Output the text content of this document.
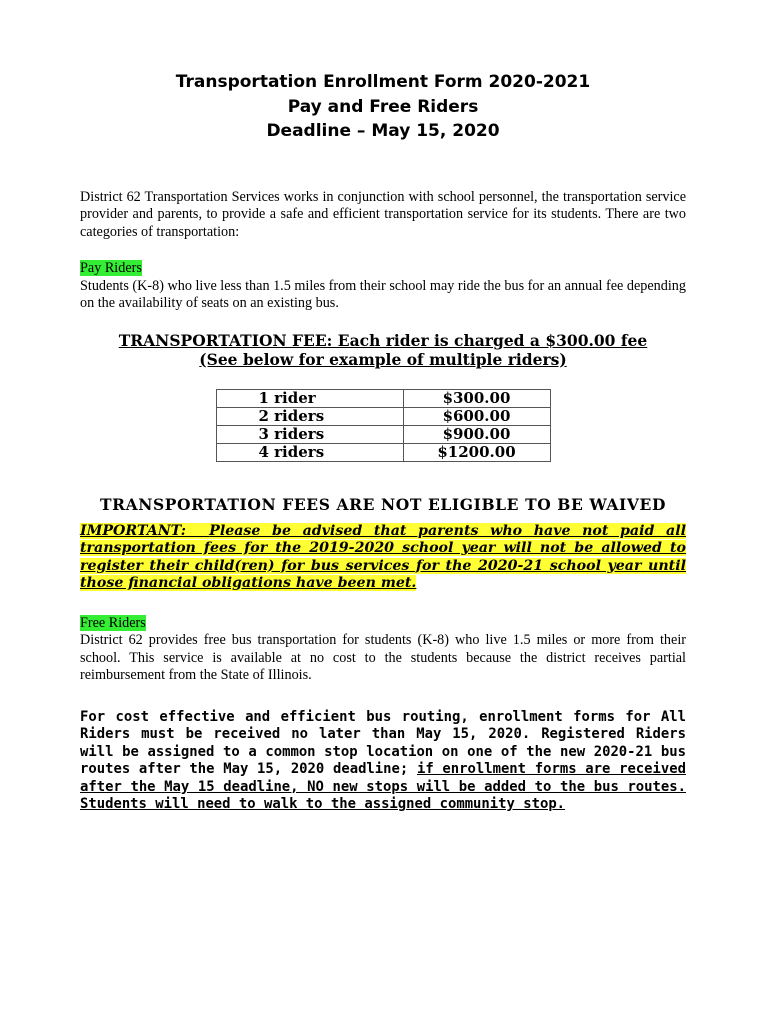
Transportation Enrollment Form 2020-2021
Pay and Free Riders
Deadline – May 15, 2020
District 62 Transportation Services works in conjunction with school personnel, the transportation service provider and parents, to provide a safe and efficient transportation service for its students. There are two categories of transportation:
Pay Riders
Students (K-8) who live less than 1.5 miles from their school may ride the bus for an annual fee depending on the availability of seats on an existing bus.
TRANSPORTATION FEE: Each rider is charged a $300.00 fee
(See below for example of multiple riders)
1 rider	$300.00
2 riders	$600.00
3 riders	$900.00
4 riders	$1200.00
TRANSPORTATION FEES ARE NOT ELIGIBLE TO BE WAIVED
IMPORTANT: Please be advised that parents who have not paid all transportation fees for the 2019-2020 school year will not be allowed to register their child(ren) for bus services for the 2020-21 school year until those financial obligations have been met.
Free Riders
District 62 provides free bus transportation for students (K-8) who live 1.5 miles or more from their school. This service is available at no cost to the students because the district receives partial reimbursement from the State of Illinois.
For cost effective and efficient bus routing, enrollment forms for All Riders must be received no later than May 15, 2020. Registered Riders will be assigned to a common stop location on one of the new 2020-21 bus routes after the May 15, 2020 deadline; if enrollment forms are received after the May 15 deadline, NO new stops will be added to the bus routes. Students will need to walk to the assigned community stop.
